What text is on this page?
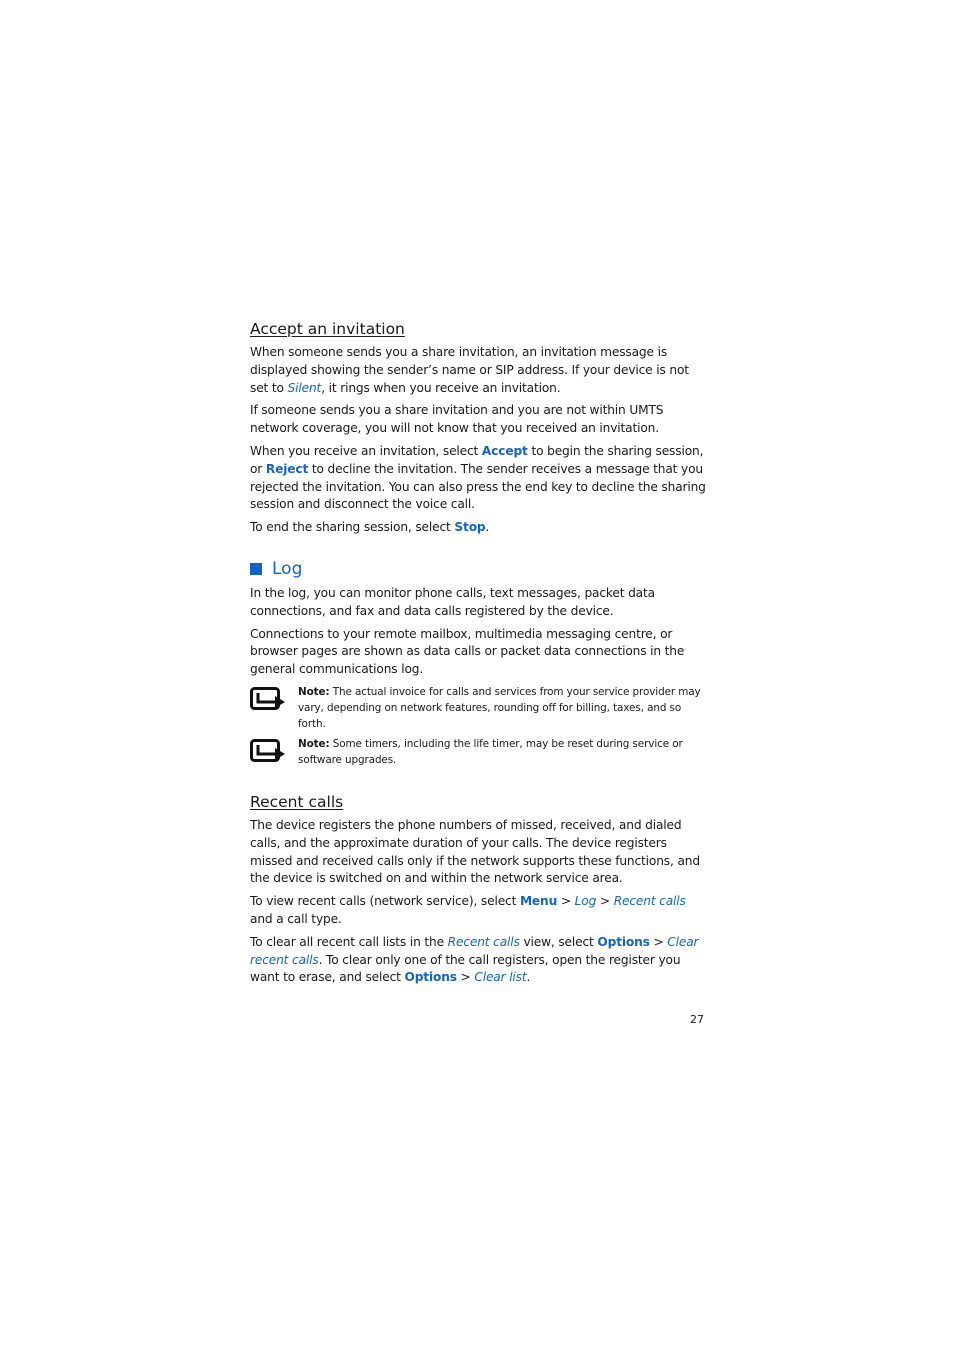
Accept an invitation

When someone sends you a share invitation, an invitation message is displayed showing the sender’s name or SIP address. If your device is not set to Silent, it rings when you receive an invitation.

If someone sends you a share invitation and you are not within UMTS network coverage, you will not know that you received an invitation.

When you receive an invitation, select Accept to begin the sharing session, or Reject to decline the invitation. The sender receives a message that you rejected the invitation. You can also press the end key to decline the sharing session and disconnect the voice call.

To end the sharing session, select Stop.

Log

In the log, you can monitor phone calls, text messages, packet data connections, and fax and data calls registered by the device.

Connections to your remote mailbox, multimedia messaging centre, or browser pages are shown as data calls or packet data connections in the general communications log.

Note: The actual invoice for calls and services from your service provider may vary, depending on network features, rounding off for billing, taxes, and so forth.
Note: Some timers, including the life timer, may be reset during service or software upgrades.
Recent calls

The device registers the phone numbers of missed, received, and dialed calls, and the approximate duration of your calls. The device registers missed and received calls only if the network supports these functions, and the device is switched on and within the network service area.

To view recent calls (network service), select Menu > Log > Recent calls and a call type.

To clear all recent call lists in the Recent calls view, select Options > Clear recent calls. To clear only one of the call registers, open the register you want to erase, and select Options > Clear list.

27
